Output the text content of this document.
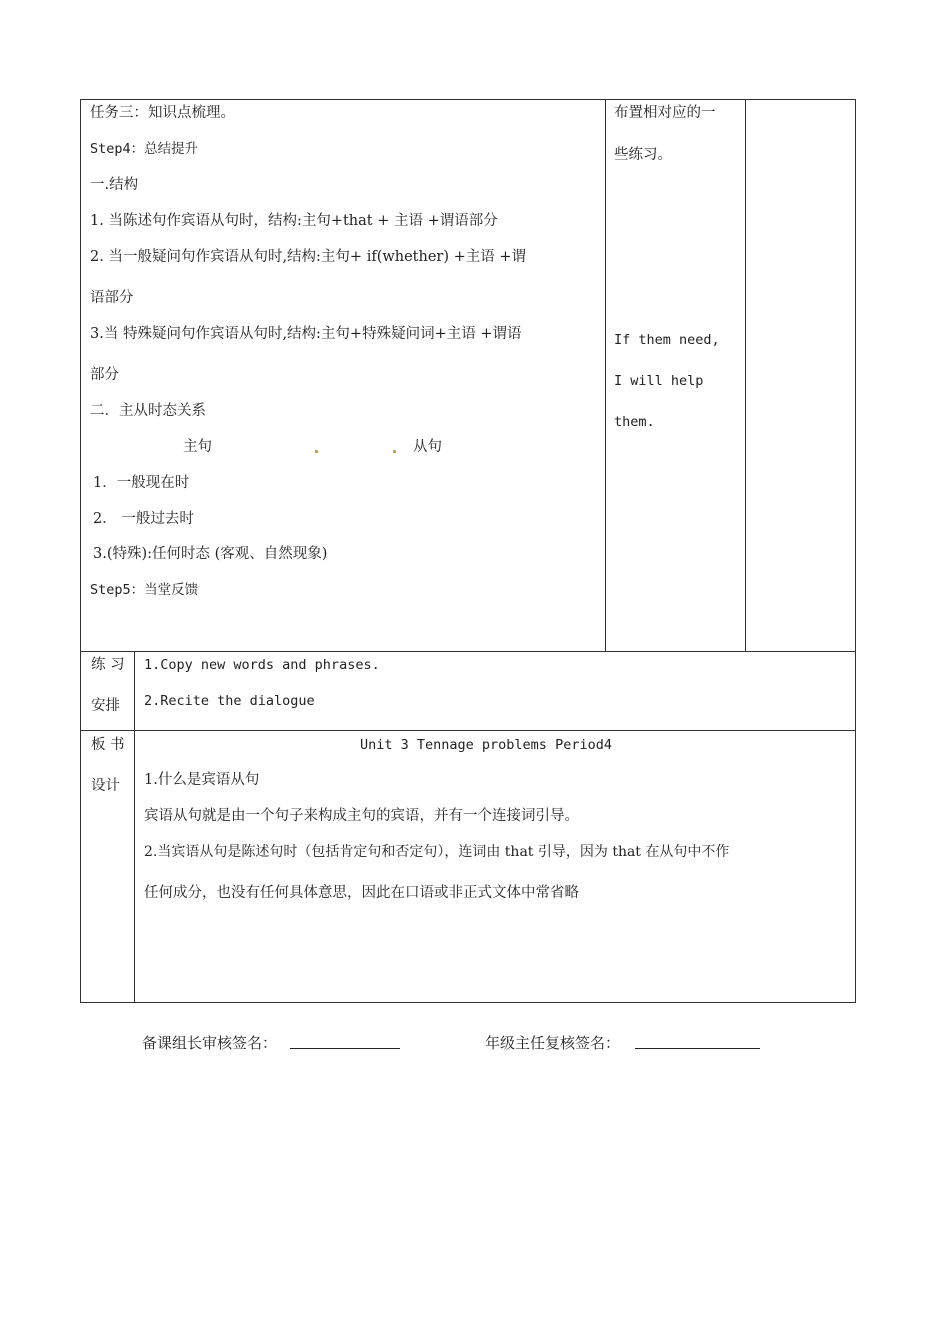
任务三：知识点梳理。
Step4：总结提升
一.结构
1. 当陈述句作宾语从句时，结构:主句+that + 主语 +谓语部分
2. 当一般疑问句作宾语从句时,结构:主句+ if(whether) +主语 +谓
语部分
3.当 特殊疑问句作宾语从句时,结构:主句+特殊疑问词+主语 +谓语
部分
二．主从时态关系
主句	从句
1．一般现在时
2． 一般过去时
3.(特殊):任何时态 (客观、自然现象)
Step5：当堂反馈
布置相对应的一
些练习。
If them need,
I will help
them.
练 习
安排
1.Copy new words and phrases.
2.Recite the dialogue
板 书
设计
Unit 3 Tennage problems Period4
1.什么是宾语从句
宾语从句就是由一个句子来构成主句的宾语，并有一个连接词引导。
2.当宾语从句是陈述句时（包括肯定句和否定句），连词由 that 引导，因为 that 在从句中不作
任何成分，也没有任何具体意思，因此在口语或非正式文体中常省略
备课组长审核签名：	年级主任复核签名：
